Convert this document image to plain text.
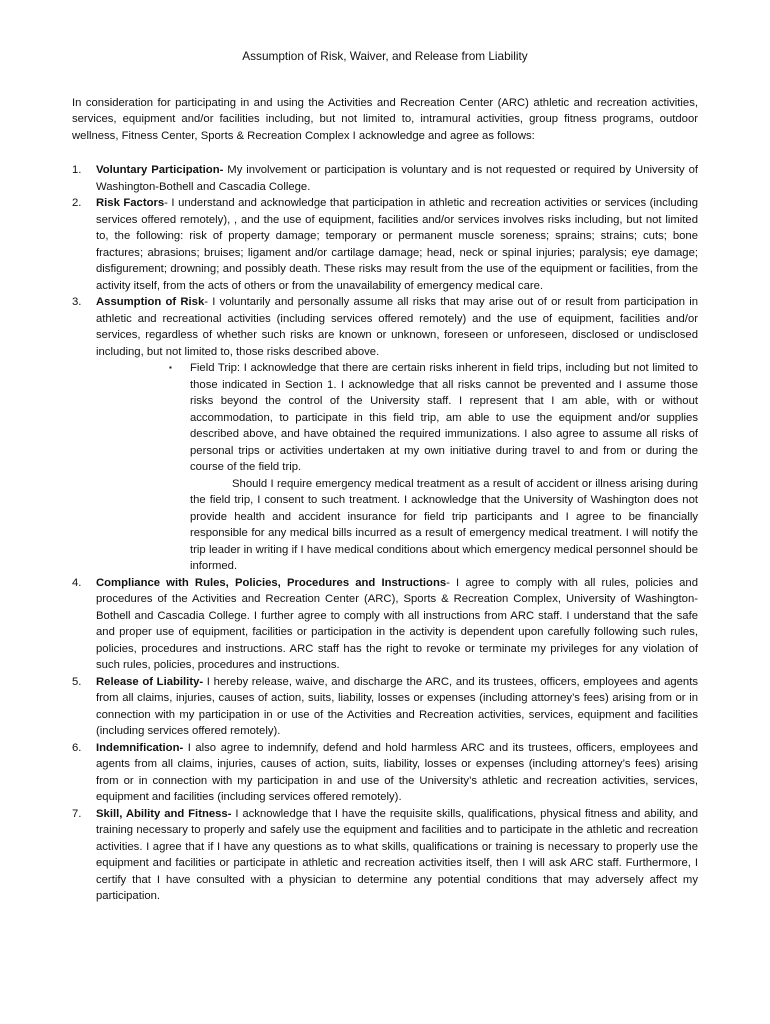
Assumption of Risk, Waiver, and Release from Liability

In consideration for participating in and using the Activities and Recreation Center (ARC) athletic and recreation activities, services, equipment and/or facilities including, but not limited to, intramural activities, group fitness programs, outdoor wellness, Fitness Center, Sports & Recreation Complex I acknowledge and agree as follows:

1. Voluntary Participation- My involvement or participation is voluntary and is not requested or required by University of Washington-Bothell and Cascadia College.
2. Risk Factors- I understand and acknowledge that participation in athletic and recreation activities or services (including services offered remotely), , and the use of equipment, facilities and/or services involves risks including, but not limited to, the following: risk of property damage; temporary or permanent muscle soreness; sprains; strains; cuts; bone fractures; abrasions; bruises; ligament and/or cartilage damage; head, neck or spinal injuries; paralysis; eye damage; disfigurement; drowning; and possibly death. These risks may result from the use of the equipment or facilities, from the activity itself, from the acts of others or from the unavailability of emergency medical care.
3. Assumption of Risk- I voluntarily and personally assume all risks that may arise out of or result from participation in athletic and recreational activities (including services offered remotely) and the use of equipment, facilities and/or services, regardless of whether such risks are known or unknown, foreseen or unforeseen, disclosed or undisclosed including, but not limited to, those risks described above.
▪ Field Trip: I acknowledge that there are certain risks inherent in field trips, including but not limited to those indicated in Section 1. I acknowledge that all risks cannot be prevented and I assume those risks beyond the control of the University staff. I represent that I am able, with or without accommodation, to participate in this field trip, am able to use the equipment and/or supplies described above, and have obtained the required immunizations. I also agree to assume all risks of personal trips or activities undertaken at my own initiative during travel to and from or during the course of the field trip.

Should I require emergency medical treatment as a result of accident or illness arising during the field trip, I consent to such treatment. I acknowledge that the University of Washington does not provide health and accident insurance for field trip participants and I agree to be financially responsible for any medical bills incurred as a result of emergency medical treatment. I will notify the trip leader in writing if I have medical conditions about which emergency medical personnel should be informed.

4. Compliance with Rules, Policies, Procedures and Instructions- I agree to comply with all rules, policies and procedures of the Activities and Recreation Center (ARC), Sports & Recreation Complex, University of Washington-Bothell and Cascadia College. I further agree to comply with all instructions from ARC staff. I understand that the safe and proper use of equipment, facilities or participation in the activity is dependent upon carefully following such rules, policies, procedures and instructions. ARC staff has the right to revoke or terminate my privileges for any violation of such rules, policies, procedures and instructions.
5. Release of Liability- I hereby release, waive, and discharge the ARC, and its trustees, officers, employees and agents from all claims, injuries, causes of action, suits, liability, losses or expenses (including attorney’s fees) arising from or in connection with my participation in or use of the Activities and Recreation activities, services, equipment and facilities (including services offered remotely).
6. Indemnification- I also agree to indemnify, defend and hold harmless ARC and its trustees, officers, employees and agents from all claims, injuries, causes of action, suits, liability, losses or expenses (including attorney’s fees) arising from or in connection with my participation in and use of the University’s athletic and recreation activities, services, equipment and facilities (including services offered remotely).
7. Skill, Ability and Fitness- I acknowledge that I have the requisite skills, qualifications, physical fitness and ability, and training necessary to properly and safely use the equipment and facilities and to participate in the athletic and recreation activities. I agree that if I have any questions as to what skills, qualifications or training is necessary to properly use the equipment and facilities or participate in athletic and recreation activities itself, then I will ask ARC staff. Furthermore, I certify that I have consulted with a physician to determine any potential conditions that may adversely affect my participation.
